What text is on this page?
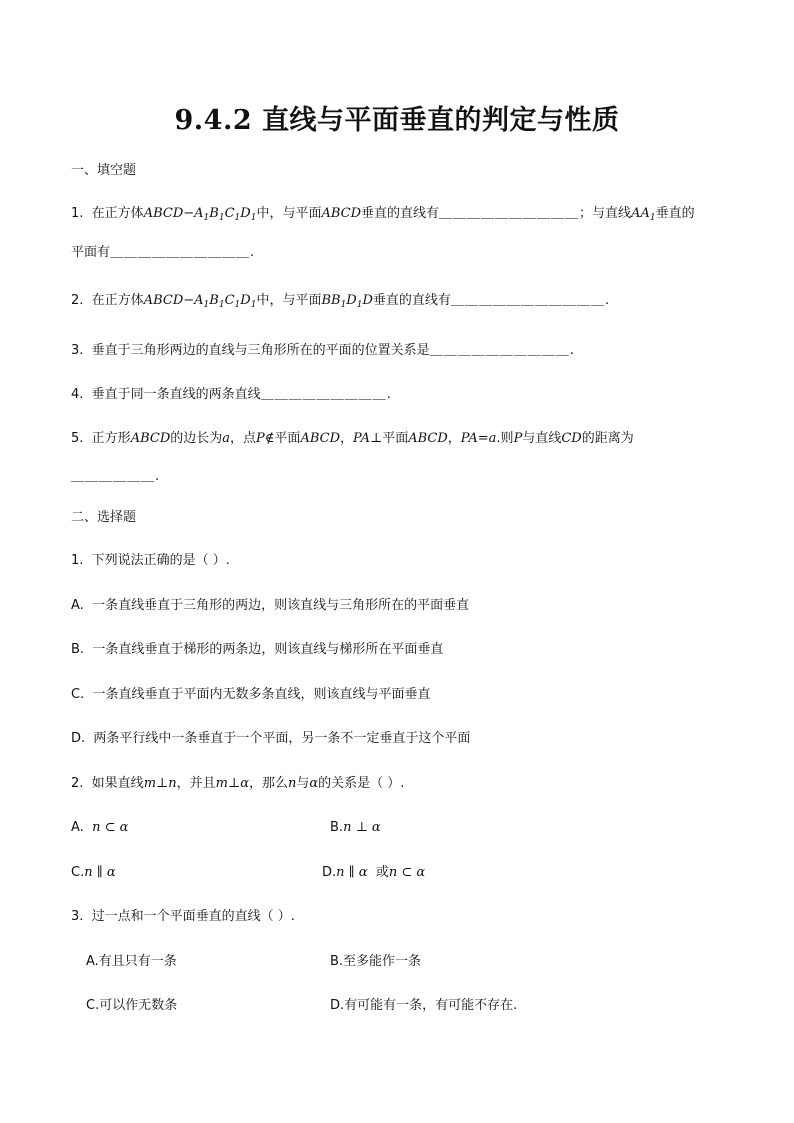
9.4.2 直线与平面垂直的判定与性质
一、填空题
1. 在正方体$ABCD-A_1B_1C_1D_1$中，与平面ABCD垂直的直线有＿＿＿＿＿＿＿＿＿＿；与直线$AA_1$垂直的
平面有＿＿＿＿＿＿＿＿＿＿.
2. 在正方体$ABCD-A_1B_1C_1D_1$中，与平面$BB_1D_1D$垂直的直线有＿＿＿＿＿＿＿＿＿＿＿.
3. 垂直于三角形两边的直线与三角形所在的平面的位置关系是＿＿＿＿＿＿＿＿＿＿.
4. 垂直于同一条直线的两条直线＿＿＿＿＿＿＿＿＿.
5. 正方形ABCD的边长为a，点P∉平面ABCD，PA⊥平面ABCD，PA=a.则P与直线CD的距离为
＿＿＿＿＿＿.
二、选择题
1. 下列说法正确的是（ ）.
A. 一条直线垂直于三角形的两边，则该直线与三角形所在的平面垂直
B. 一条直线垂直于梯形的两条边，则该直线与梯形所在平面垂直
C. 一条直线垂直于平面内无数多条直线，则该直线与平面垂直
D. 两条平行线中一条垂直于一个平面，另一条不一定垂直于这个平面
2. 如果直线m⊥n，并且m⊥α，那么n与α的关系是（ ）.
A. n ⊂ α	B.n ⊥ α
C.n ∥ α	D.n ∥ α 或n ⊂ α
3. 过一点和一个平面垂直的直线（ ）.
A.有且只有一条	B.至多能作一条
C.可以作无数条	D.有可能有一条，有可能不存在.
